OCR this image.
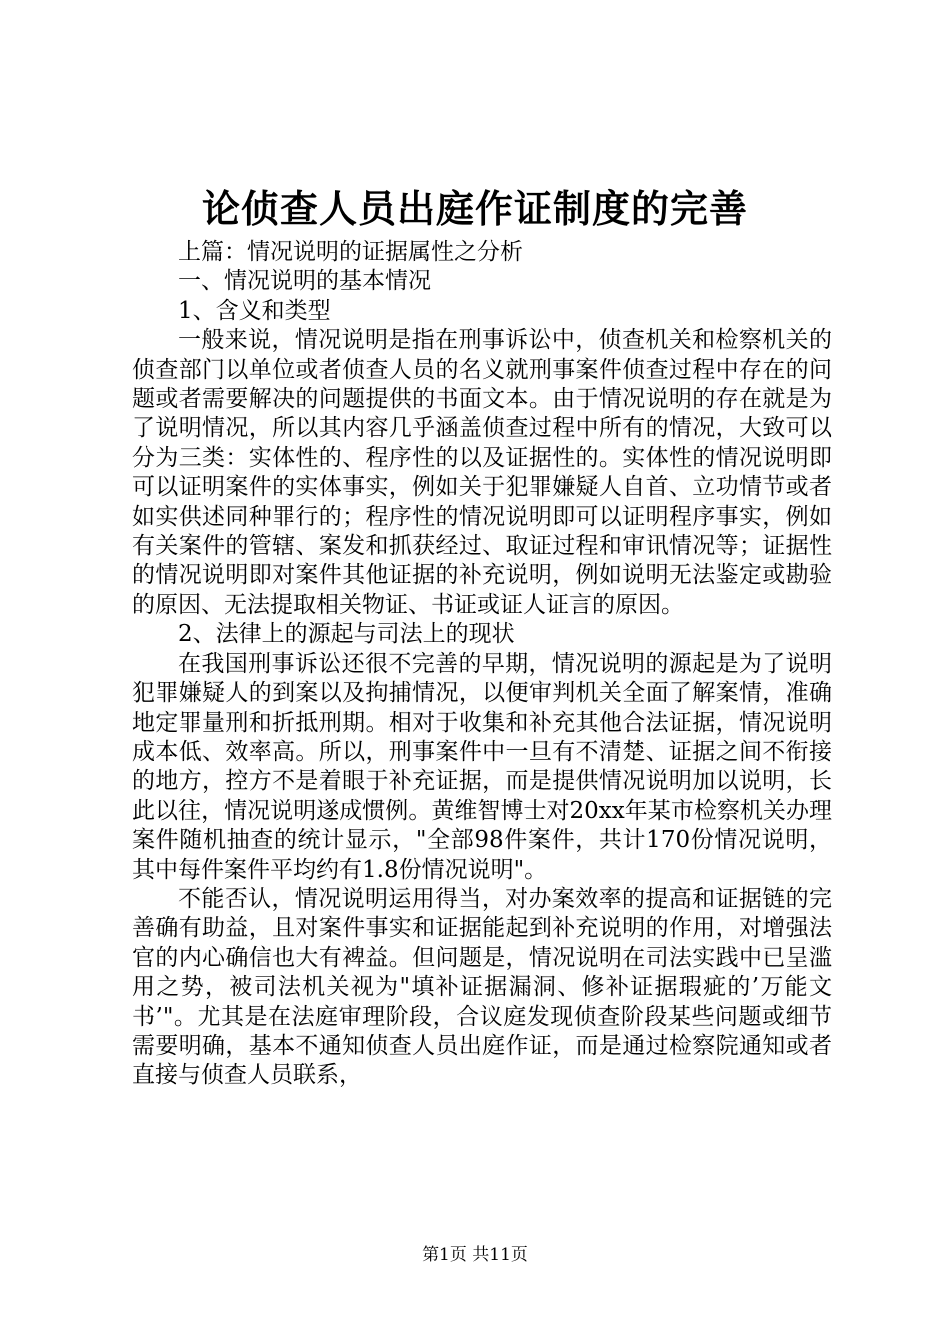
论侦查人员出庭作证制度的完善

上篇：情况说明的证据属性之分析

一、情况说明的基本情况

1、含义和类型

一般来说，情况说明是指在刑事诉讼中，侦查机关和检察机关的侦查部门以单位或者侦查人员的名义就刑事案件侦查过程中存在的问题或者需要解决的问题提供的书面文本。由于情况说明的存在就是为了说明情况，所以其内容几乎涵盖侦查过程中所有的情况，大致可以分为三类：实体性的、程序性的以及证据性的。实体性的情况说明即可以证明案件的实体事实，例如关于犯罪嫌疑人自首、立功情节或者如实供述同种罪行的；程序性的情况说明即可以证明程序事实，例如有关案件的管辖、案发和抓获经过、取证过程和审讯情况等；证据性的情况说明即对案件其他证据的补充说明，例如说明无法鉴定或勘验的原因、无法提取相关物证、书证或证人证言的原因。

2、法律上的源起与司法上的现状

在我国刑事诉讼还很不完善的早期，情况说明的源起是为了说明犯罪嫌疑人的到案以及拘捕情况，以便审判机关全面了解案情，准确地定罪量刑和折抵刑期。相对于收集和补充其他合法证据，情况说明成本低、效率高。所以，刑事案件中一旦有不清楚、证据之间不衔接的地方，控方不是着眼于补充证据，而是提供情况说明加以说明，长此以往，情况说明遂成惯例。黄维智博士对20xx年某市检察机关办理案件随机抽查的统计显示，"全部98件案件，共计170份情况说明，其中每件案件平均约有1.8份情况说明"。

不能否认，情况说明运用得当，对办案效率的提高和证据链的完善确有助益，且对案件事实和证据能起到补充说明的作用，对增强法官的内心确信也大有裨益。但问题是，情况说明在司法实践中已呈滥用之势，被司法机关视为"填补证据漏洞、修补证据瑕疵的’万能文书’"。尤其是在法庭审理阶段，合议庭发现侦查阶段某些问题或细节需要明确，基本不通知侦查人员出庭作证，而是通过检察院通知或者直接与侦查人员联系，

第1页 共11页
